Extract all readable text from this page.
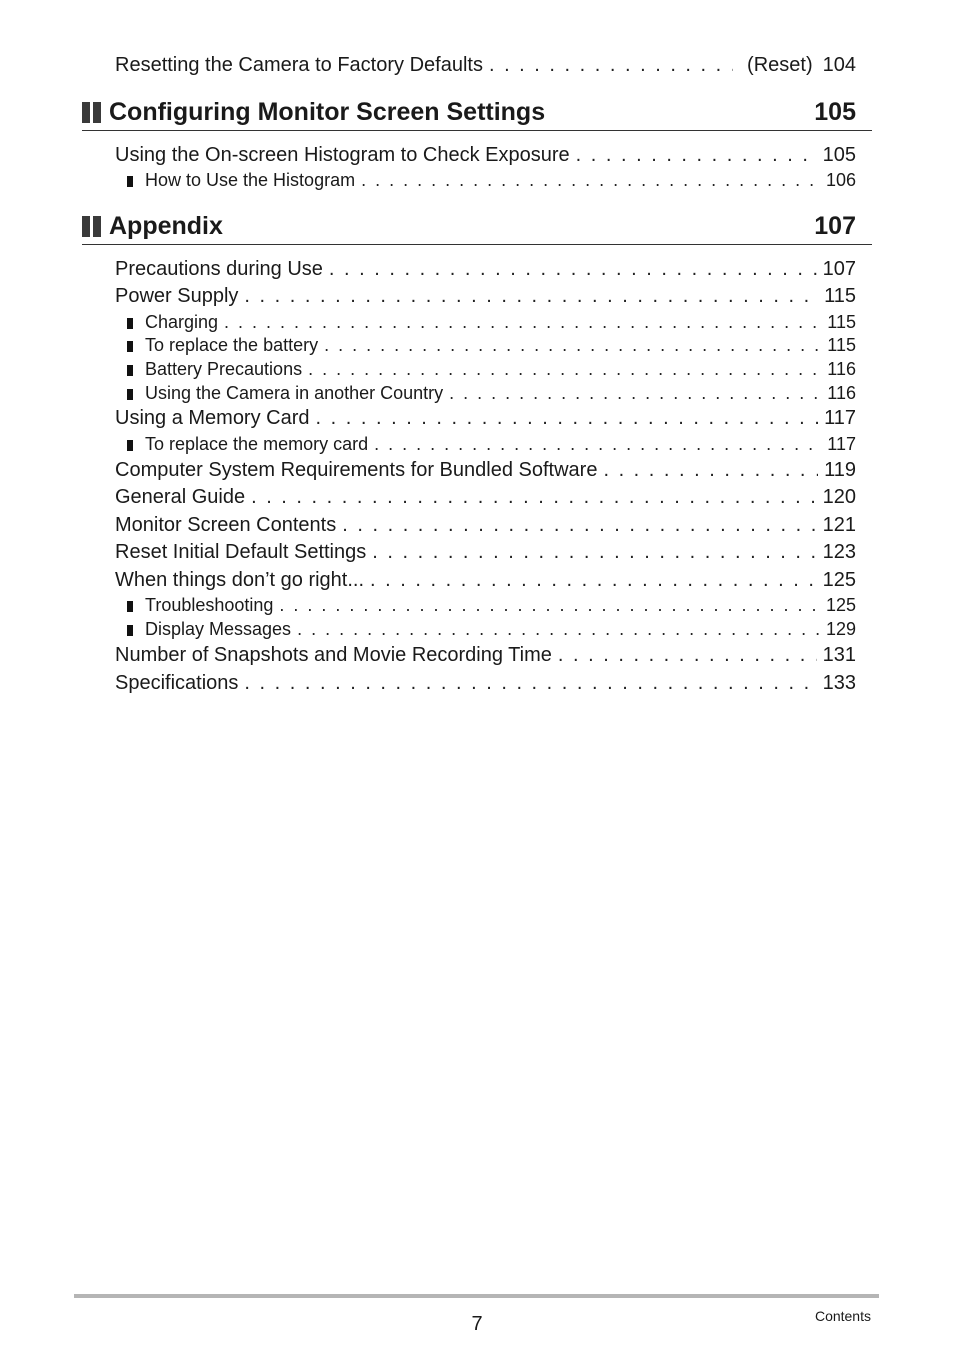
Resetting the Camera to Factory Defaults . . .	(Reset) 104
Configuring Monitor Screen Settings	105
Using the On-screen Histogram to Check Exposure . . .	105
How to Use the Histogram . . .	106
Appendix	107
Precautions during Use . . .	107
Power Supply . . .	115
Charging . . .	115
To replace the battery . . .	115
Battery Precautions . . .	116
Using the Camera in another Country . . .	116
Using a Memory Card . . .	117
To replace the memory card . . .	117
Computer System Requirements for Bundled Software . . .	119
General Guide . . .	120
Monitor Screen Contents . . .	121
Reset Initial Default Settings . . .	123
When things don’t go right... . . .	125
Troubleshooting . . .	125
Display Messages . . .	129
Number of Snapshots and Movie Recording Time . . .	131
Specifications . . .	133
7	Contents
